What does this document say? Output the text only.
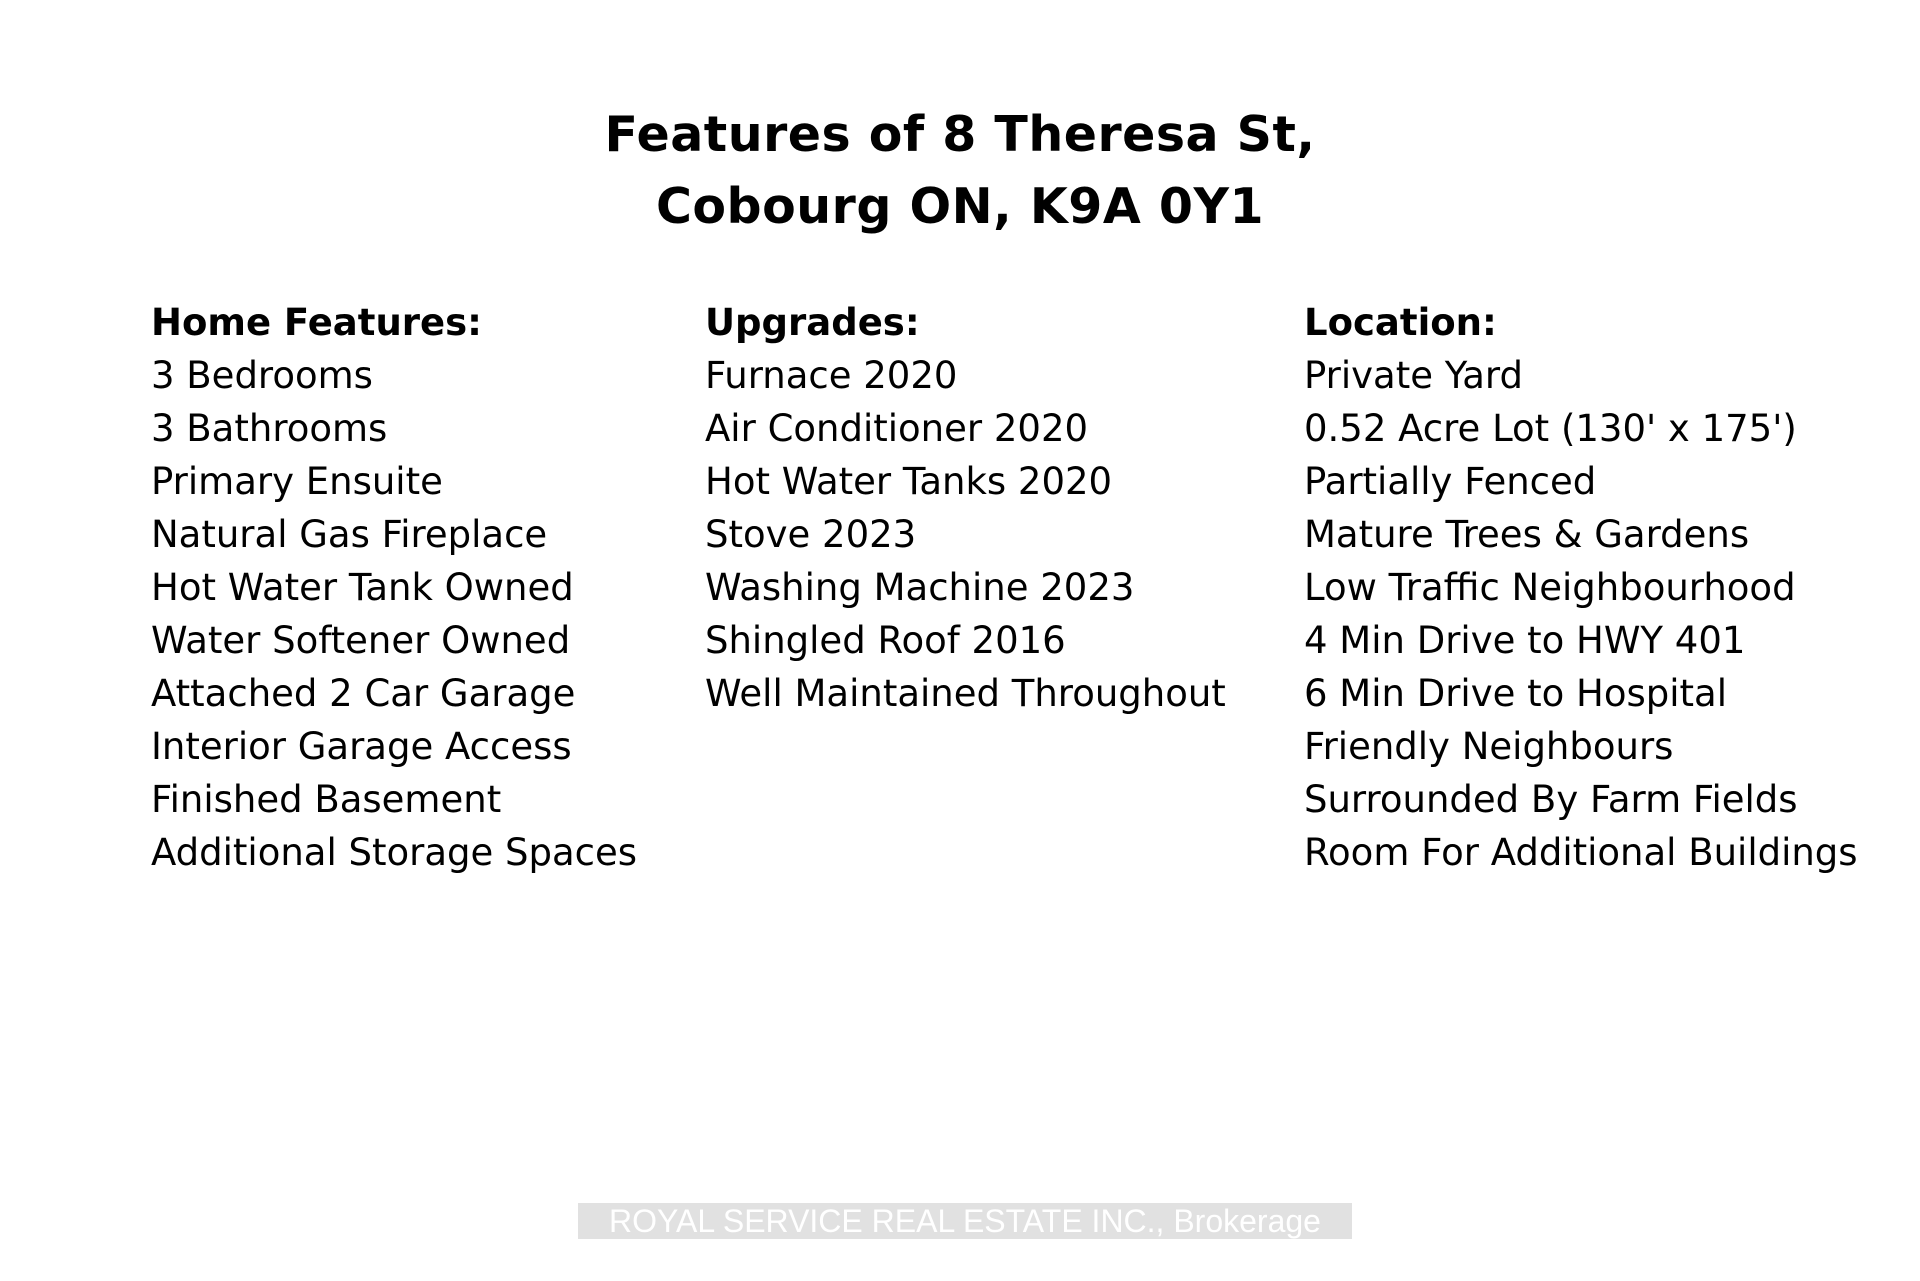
Features of 8 Theresa St,
Cobourg ON, K9A 0Y1
Home Features:
3 Bedrooms
3 Bathrooms
Primary Ensuite
Natural Gas Fireplace
Hot Water Tank Owned
Water Softener Owned
Attached 2 Car Garage
Interior Garage Access
Finished Basement
Additional Storage Spaces
Upgrades:
Furnace 2020
Air Conditioner 2020
Hot Water Tanks 2020
Stove 2023
Washing Machine 2023
Shingled Roof 2016
Well Maintained Throughout
Location:
Private Yard
0.52 Acre Lot (130' x 175')
Partially Fenced
Mature Trees & Gardens
Low Traffic Neighbourhood
4 Min Drive to HWY 401
6 Min Drive to Hospital
Friendly Neighbours
Surrounded By Farm Fields
Room For Additional Buildings
ROYAL SERVICE REAL ESTATE INC., Brokerage
